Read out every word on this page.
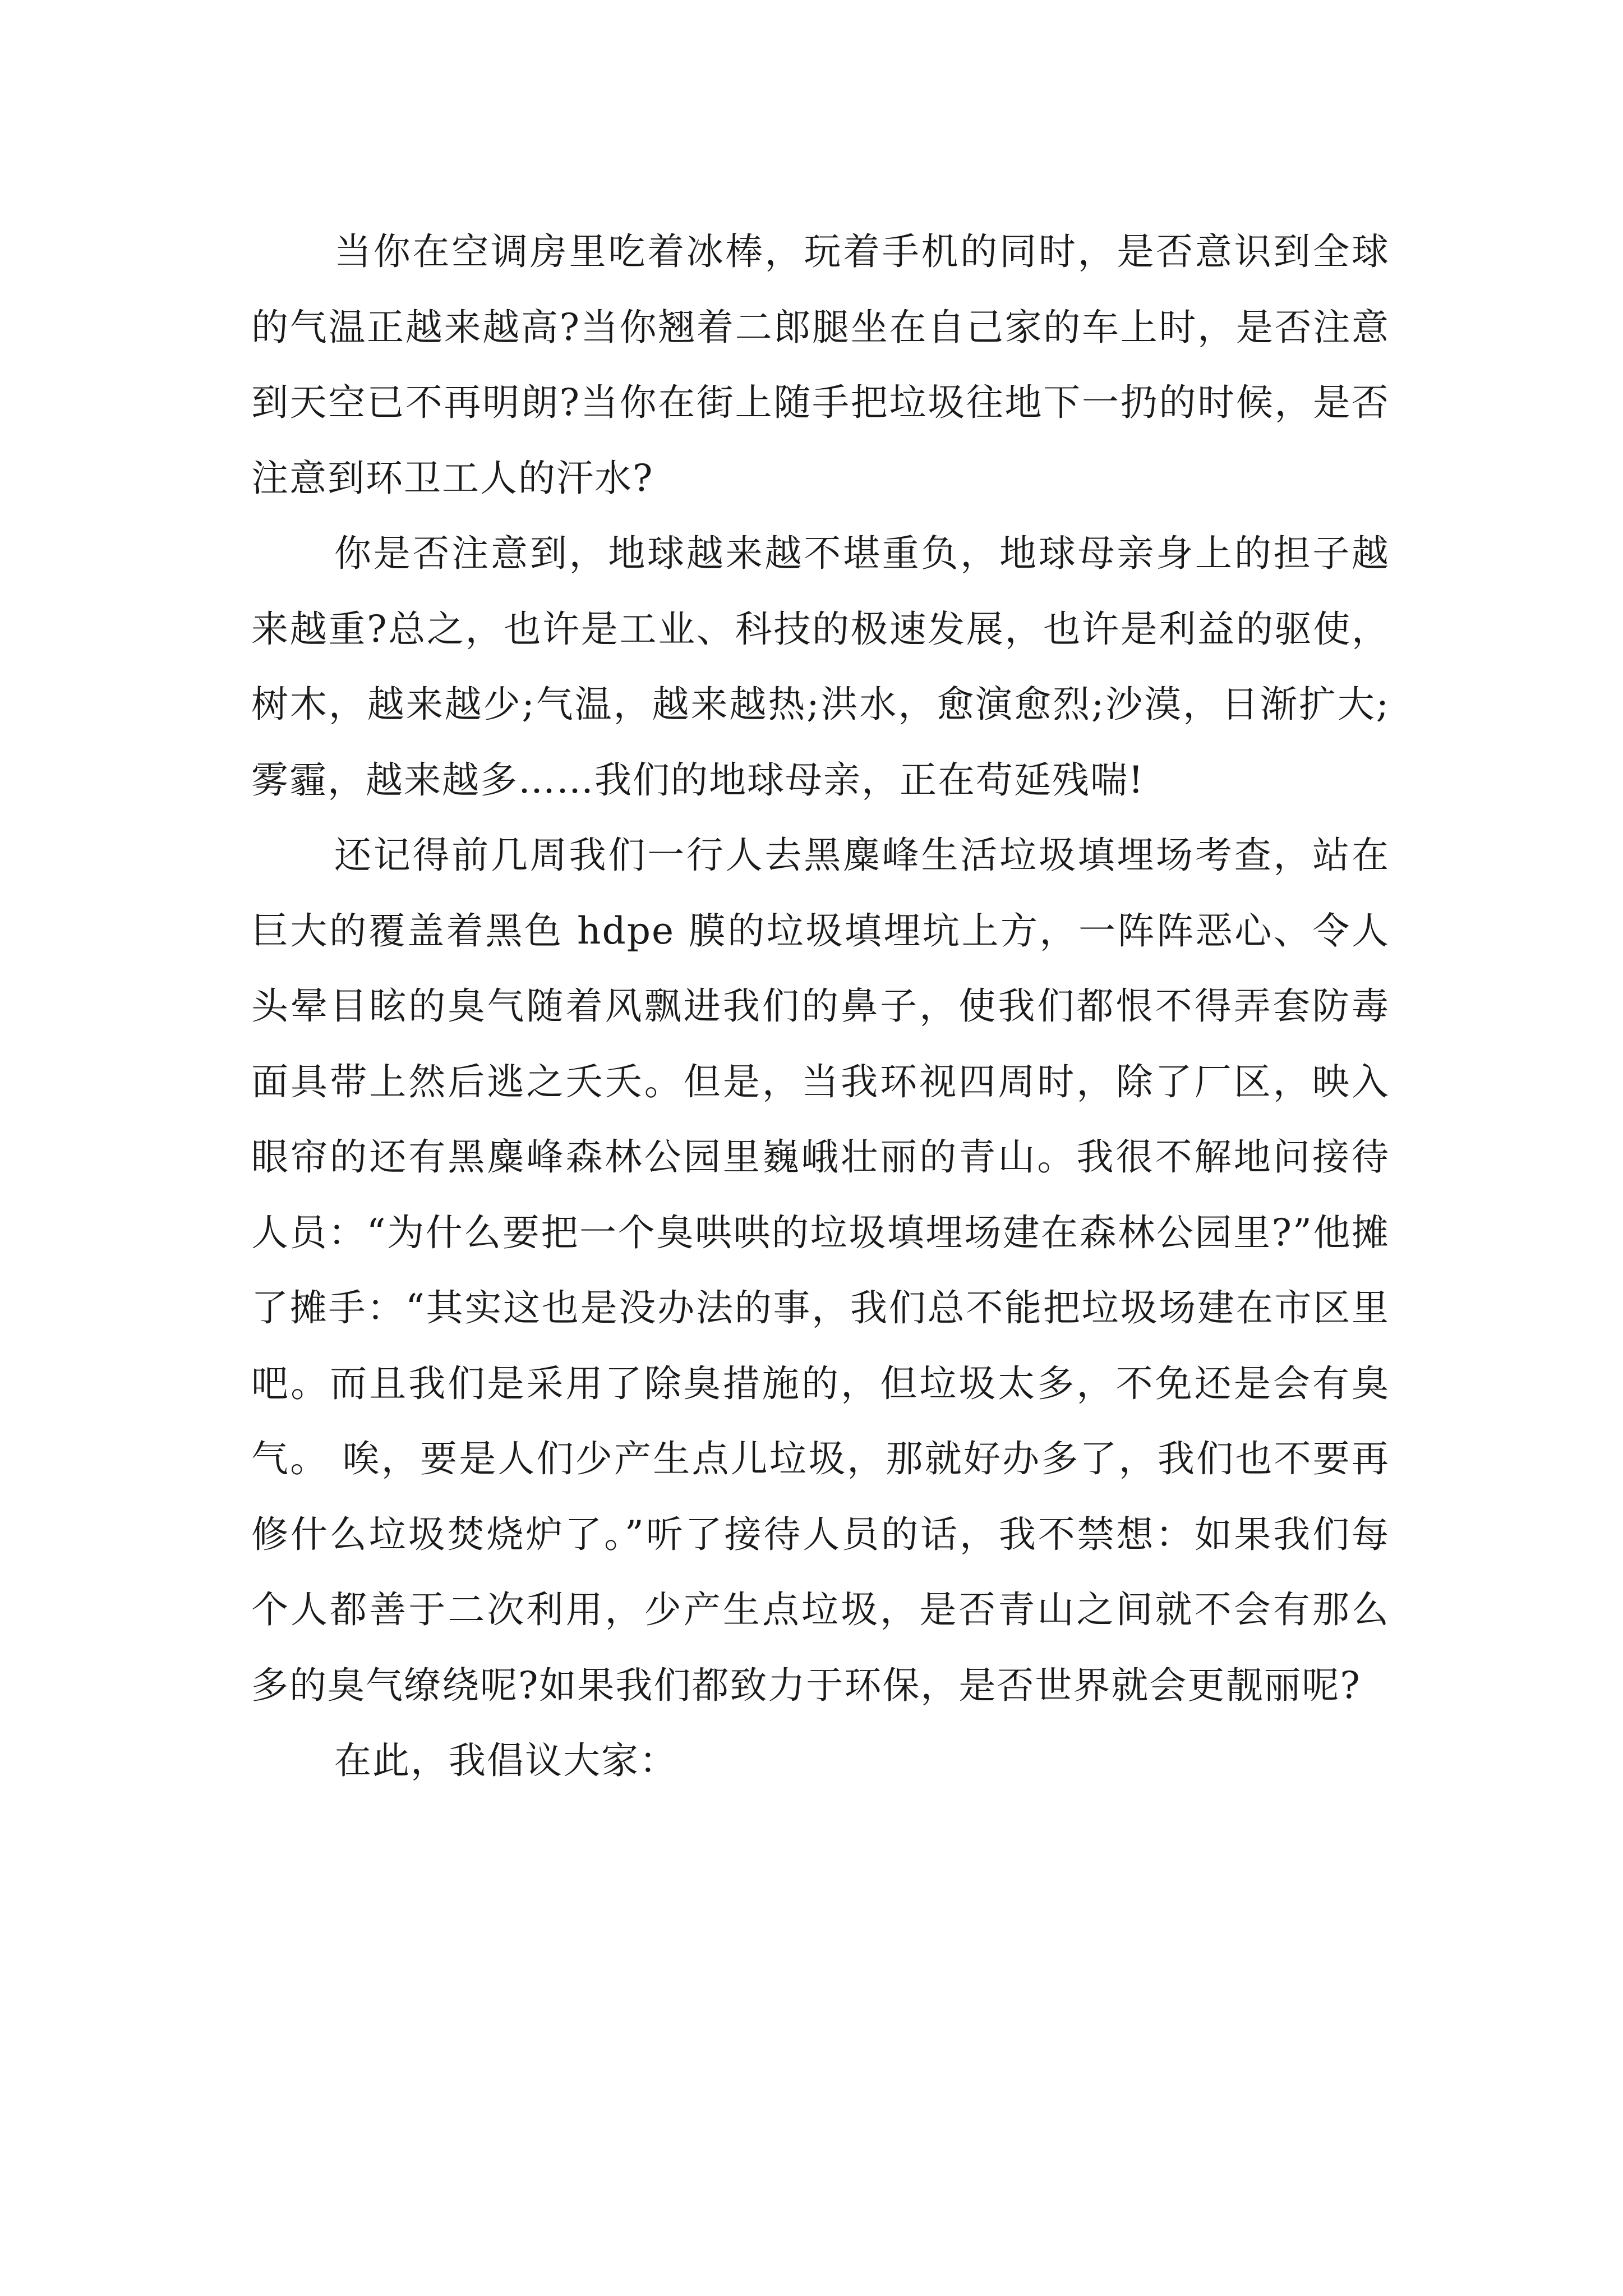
当你在空调房里吃着冰棒，玩着手机的同时，是否意识到全球的气温正越来越高?当你翘着二郎腿坐在自己家的车上时，是否注意到天空已不再明朗?当你在街上随手把垃圾往地下一扔的时候，是否注意到环卫工人的汗水?

你是否注意到，地球越来越不堪重负，地球母亲身上的担子越来越重?总之，也许是工业、科技的极速发展，也许是利益的驱使，树木，越来越少;气温，越来越热;洪水，愈演愈烈;沙漠，日渐扩大;雾霾，越来越多……我们的地球母亲，正在苟延残喘!

还记得前几周我们一行人去黑麋峰生活垃圾填埋场考查，站在巨大的覆盖着黑色 hdpe 膜的垃圾填埋坑上方，一阵阵恶心、令人头晕目眩的臭气随着风飘进我们的鼻子，使我们都恨不得弄套防毒面具带上然后逃之夭夭。但是，当我环视四周时，除了厂区，映入眼帘的还有黑麋峰森林公园里巍峨壮丽的青山。我很不解地问接待人员：“为什么要把一个臭哄哄的垃圾填埋场建在森林公园里?”他摊了摊手：“其实这也是没办法的事，我们总不能把垃圾场建在市区里吧。而且我们是采用了除臭措施的，但垃圾太多，不免还是会有臭气。 唉，要是人们少产生点儿垃圾，那就好办多了，我们也不要再修什么垃圾焚烧炉了。”听了接待人员的话，我不禁想：如果我们每个人都善于二次利用，少产生点垃圾，是否青山之间就不会有那么多的臭气缭绕呢?如果我们都致力于环保，是否世界就会更靓丽呢?

在此，我倡议大家：
